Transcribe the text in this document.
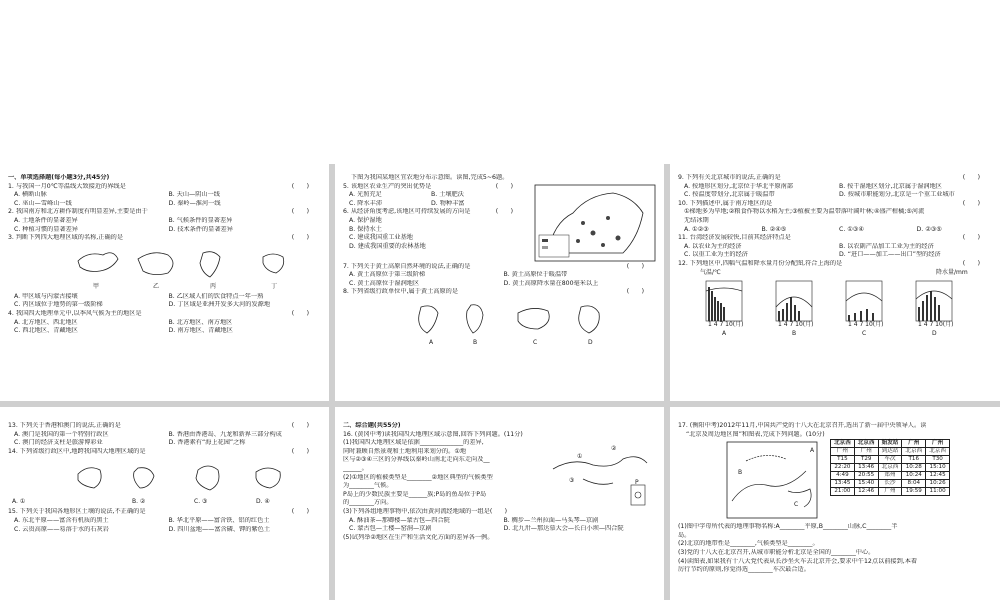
一、单项选择题(每小题3分,共45分)
1. 与我国一月0℃等温线大致接近的界线是	(　　)
A. 横断山脉	B. 天山—阴山一线
C. 巫山—雪峰山一线	D. 秦岭—淮河一线
2. 我国南方和北方耕作制度有明显差异,主要是由于	(　　)
A. 土地条件的显著差异	B. 气候条件的显著差异
C. 种植习惯的显著差异	D. 技术条件的显著差异
3. 判断下列四大地理区域的名称,正确的是	(　　)
甲	乙	丙	丁
A. 甲区域与内蒙古接壤	B. 乙区域人们的饮食特点一年一熟
C. 丙区域位于地势的第一级阶梯	D. 丁区域是亚洲开发多大河的发源地
4. 我国四大地理单元中,以季风气候为主的地区是	(　　)
A. 北方地区、西北地区	B. 北方地区、南方地区
C. 西北地区、青藏地区	D. 南方地区、青藏地区
下图为我国某地区宜农地分布示意图。读图,完成5~6题。
5. 该地区农业生产的突出优势是	(　　)
A. 光照充足	B. 土壤肥沃
C. 降水丰沛	D. 物种丰富
6. 从经济角度考虑,该地区可持续发展的方向是	(　　)
A. 保护湿地
B. 保持水土
C. 建成我国重工业基地
D. 建成我国重要的农林基地
7. 下列关于黄土高原自然环境的说法,正确的是	(　　)
A. 黄土高原位于第三级阶梯	B. 黄土高原位于暖温带
C. 黄土高原位于湿润地区	D. 黄土高原降水量在800毫米以上
8. 下列省级行政单位中,属于黄土高原的是	(　　)
A	B	C	D
9. 下列有关北京城市的说法,正确的是	(　　)
A. 按地形区划分,北京位于华北平原南部	B. 按干湿地区划分,北京属于湿润地区
C. 按温度带划分,北京属于暖温带	D. 按城市职能划分,北京是一个重工业城市
10. 下列描述中,属于南方地区的是	(　　)
①梯地多为旱地;②粮食作物以水稻为主;③植被主要为温带落叶阔叶林;④盛产柑橘;⑤河流
无结冰期
A. ①②③	B. ②④⑤	C. ①③④	D. ②③⑤
11. 台湾经济发展较快,目前其经济特点是	(　　)
A. 以农业为主的经济	B. 以农副产品加工工业为主的经济
C. 以重工业为主的经济	D. “进口——加工——出口”型的经济
12. 下列地区中,四幅气温和降水量月份分配图,符合上海的是	(　　)
气温/℃	降水量/mm
1 4 7 10(月)	1 4 7 10(月)	1 4 7 10(月)	1 4 7 10(月)
A	B	C	D
13. 下列关于香港和澳门的说法,正确的是	(　　)
A. 澳门是我国的第一个特别行政区	B. 香港由香港岛、九龙和新界三部分构成
C. 澳门的经济支柱是旅游博彩业	D. 香港素有“海上花园”之称
14. 下列省级行政区中,地跨我国四大地理区域的是	(　　)
A. ①	B. ②	C. ③	D. ④
15. 下列关于我国各地形区土壤的说法,不正确的是	(　　)
A. 东北平原——富含有机质的黑土	B. 华北平原——富含铁、铝的红色土
C. 云贵高原——易溶于水的石灰岩	D. 四川盆地——富含磷、钾的紫色土
二、综合题(共55分)
16. (黄冈中考)读我国四大地理区域示意图,回答下列问题。(11分)
(1)我国四大地理区域是依据______________的差异,
同时兼顾自然景观和土地利用来划分的。①地
区与②③④三区的分界线以秦岭山南北走向东走向及__
______。
(2)①地区的植被类型是________②地区典型的气候类型
为________气候。
P岛上的少数民族主要是______族;P岛的鱼岛位于P岛
的________方向。
①
②
③	P
(3)下列各组地理事物中,依次由黄河流经地域的一组是(　　)
A. 酥油茶—那卿楼—蒙古包—四合院	B. 稠步—兰州拉面—马头琴—京剧
C. 蒙古包—土楼—窑洞—京剧	D. 北九卅—那达慕大会—长白小坝—四合院
(5)试列举②地区在生产和生活文化方面的差异各一例。
17. (衡阳中考)2012年11月,中国共产党的十八大在北京召开,选出了新一届中央领导人。读
“北京及周边地区图”和图表,完成下列问题。(10分)
A
B
C
北京西	北京西	始发站	广州	广州
广州	广州	到达站	北京西	北京西
T15	T29	车次	T16	T30
22:20	13:46	北京西	10:28	15:10
4:49	20:55	郑州	10:24	12:45
13:45	15:40	长沙	8:04	10:26
21:00	12:46	广州	19:59	11:00
(1)图中字母所代表的地理事物名称:A________平原,B________山脉,C________半
岛。
(2)北京的地带性是________,气候类型是________。
(3)党的十八大在北京召开,从城市职能分析北京是全国的________中心。
(4)读图表,如果我有十八大党代表从长沙坐火车去北京开会,要求中午12点以前接到,本着
厉行节约的原则,你觉得选________车次最合适。
